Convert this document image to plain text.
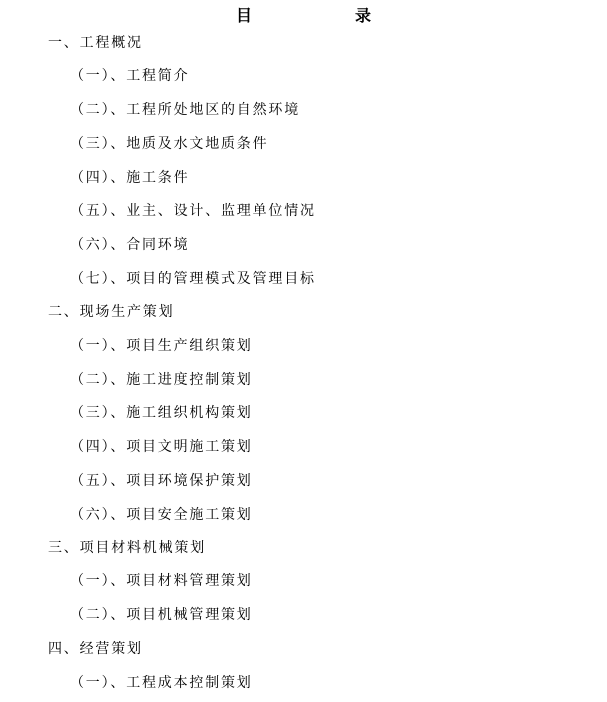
目	录
一、工程概况
（一）、工程简介
（二）、工程所处地区的自然环境
（三）、地质及水文地质条件
（四）、施工条件
（五）、业主、设计、监理单位情况
（六）、合同环境
（七）、项目的管理模式及管理目标
二、现场生产策划
（一）、项目生产组织策划
（二）、施工进度控制策划
（三）、施工组织机构策划
（四）、项目文明施工策划
（五）、项目环境保护策划
（六）、项目安全施工策划
三、项目材料机械策划
（一）、项目材料管理策划
（二）、项目机械管理策划
四、经营策划
（一）、工程成本控制策划
